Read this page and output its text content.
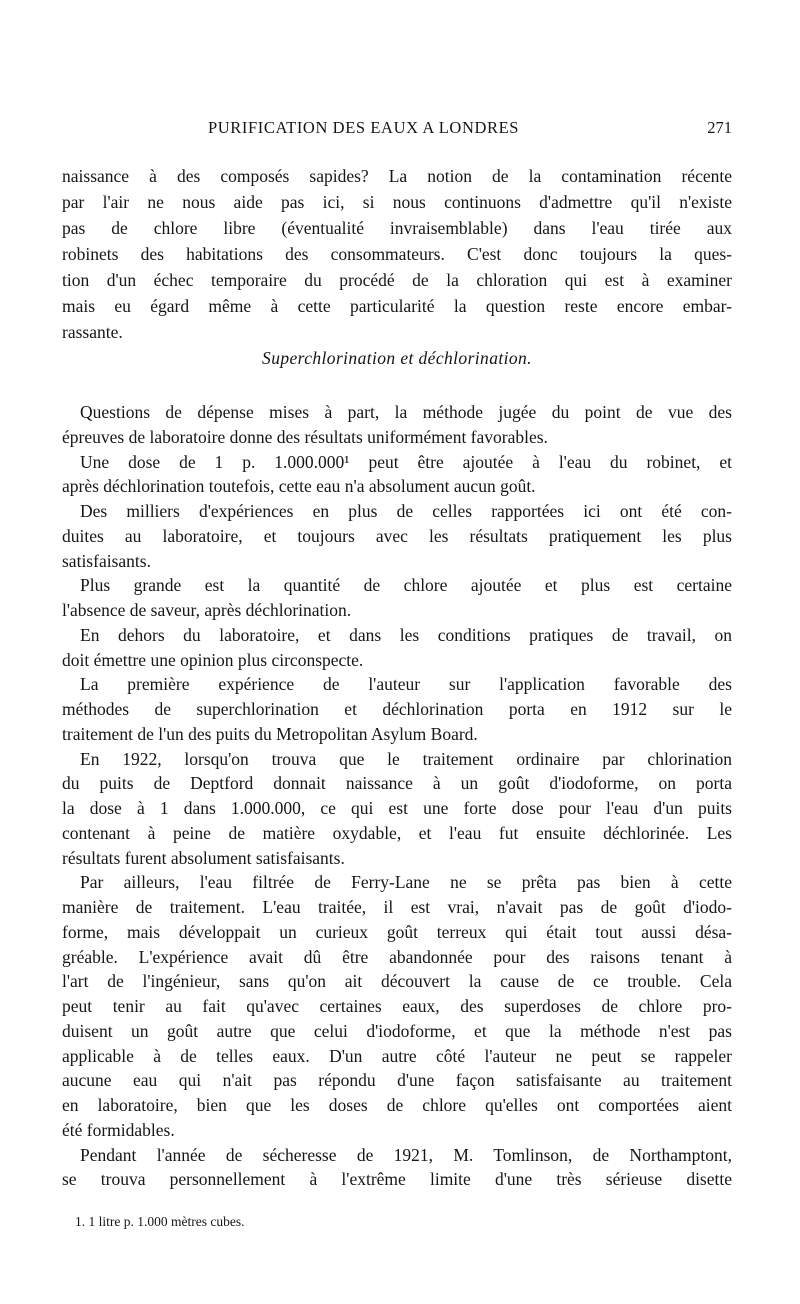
PURIFICATION DES EAUX A LONDRES	271
naissance à des composés sapides? La notion de la contamination récente
par l'air ne nous aide pas ici, si nous continuons d'admettre qu'il n'existe
pas de chlore libre (éventualité invraisemblable) dans l'eau tirée aux
robinets des habitations des consommateurs. C'est donc toujours la ques-
tion d'un échec temporaire du procédé de la chloration qui est à examiner
mais eu égard même à cette particularité la question reste encore embar-
rassante.
Superchlorination et déchlorination.
Questions de dépense mises à part, la méthode jugée du point de vue des
épreuves de laboratoire donne des résultats uniformément favorables.
Une dose de 1 p. 1.000.000¹ peut être ajoutée à l'eau du robinet, et
après déchlorination toutefois, cette eau n'a absolument aucun goût.
Des milliers d'expériences en plus de celles rapportées ici ont été con-
duites au laboratoire, et toujours avec les résultats pratiquement les plus
satisfaisants.
Plus grande est la quantité de chlore ajoutée et plus est certaine
l'absence de saveur, après déchlorination.
En dehors du laboratoire, et dans les conditions pratiques de travail, on
doit émettre une opinion plus circonspecte.
La première expérience de l'auteur sur l'application favorable des
méthodes de superchlorination et déchlorination porta en 1912 sur le
traitement de l'un des puits du Metropolitan Asylum Board.
En 1922, lorsqu'on trouva que le traitement ordinaire par chlorination
du puits de Deptford donnait naissance à un goût d'iodoforme, on porta
la dose à 1 dans 1.000.000, ce qui est une forte dose pour l'eau d'un puits
contenant à peine de matière oxydable, et l'eau fut ensuite déchlorinée. Les
résultats furent absolument satisfaisants.
Par ailleurs, l'eau filtrée de Ferry-Lane ne se prêta pas bien à cette
manière de traitement. L'eau traitée, il est vrai, n'avait pas de goût d'iodo-
forme, mais développait un curieux goût terreux qui était tout aussi désa-
gréable. L'expérience avait dû être abandonnée pour des raisons tenant à
l'art de l'ingénieur, sans qu'on ait découvert la cause de ce trouble. Cela
peut tenir au fait qu'avec certaines eaux, des superdoses de chlore pro-
duisent un goût autre que celui d'iodoforme, et que la méthode n'est pas
applicable à de telles eaux. D'un autre côté l'auteur ne peut se rappeler
aucune eau qui n'ait pas répondu d'une façon satisfaisante au traitement
en laboratoire, bien que les doses de chlore qu'elles ont comportées aient
été formidables.
Pendant l'année de sécheresse de 1921, M. Tomlinson, de Northamptont,
se trouva personnellement à l'extrême limite d'une très sérieuse disette
1. 1 litre p. 1.000 mètres cubes.
